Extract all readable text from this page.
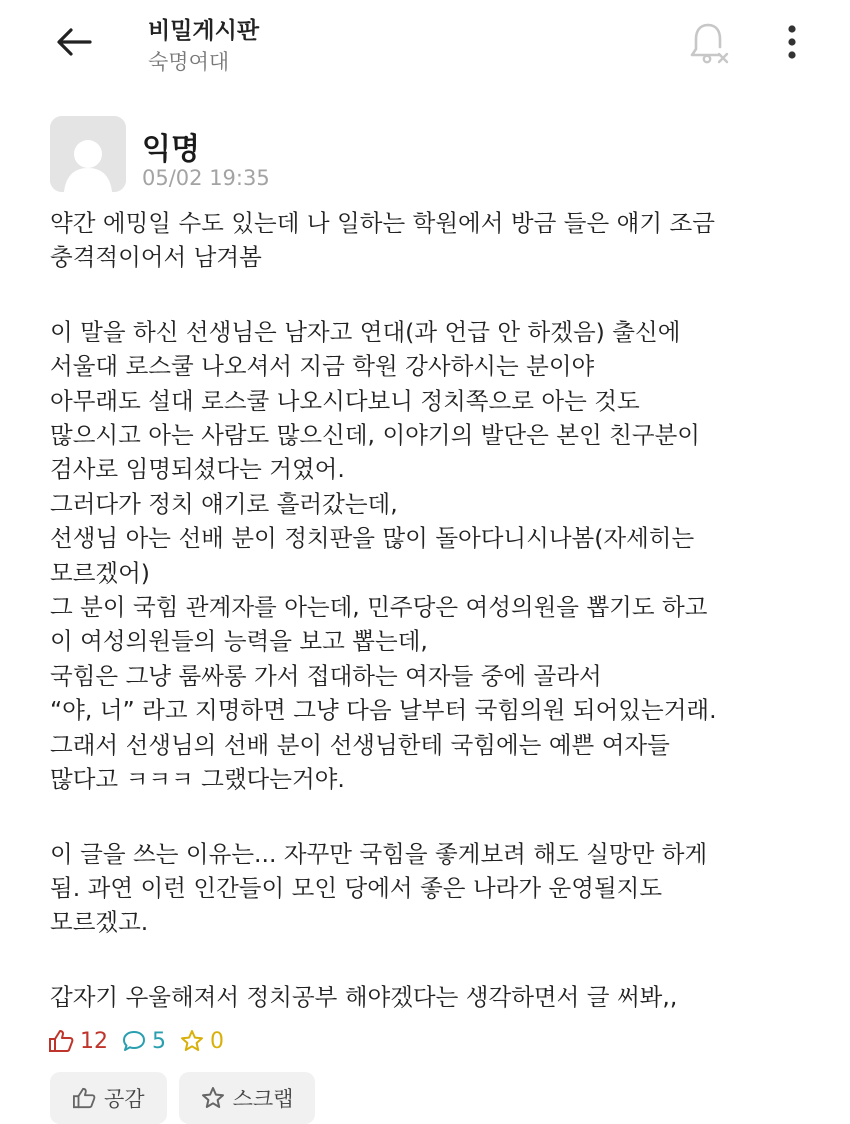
비밀게시판
숙명여대
익명
05/02 19:35
약간 에밍일 수도 있는데 나 일하는 학원에서 방금 들은 얘기 조금
충격적이어서 남겨봄
이 말을 하신 선생님은 남자고 연대(과 언급 안 하겠음) 출신에
서울대 로스쿨 나오셔서 지금 학원 강사하시는 분이야
아무래도 설대 로스쿨 나오시다보니 정치쪽으로 아는 것도
많으시고 아는 사람도 많으신데, 이야기의 발단은 본인 친구분이
검사로 임명되셨다는 거였어.
그러다가 정치 얘기로 흘러갔는데,
선생님 아는 선배 분이 정치판을 많이 돌아다니시나봄(자세히는
모르겠어)
그 분이 국힘 관계자를 아는데, 민주당은 여성의원을 뽑기도 하고
이 여성의원들의 능력을 보고 뽑는데,
국힘은 그냥 룸싸롱 가서 접대하는 여자들 중에 골라서
“야, 너” 라고 지명하면 그냥 다음 날부터 국힘의원 되어있는거래.
그래서 선생님의 선배 분이 선생님한테 국힘에는 예쁜 여자들
많다고 ㅋㅋㅋ 그랬다는거야.
이 글을 쓰는 이유는... 자꾸만 국힘을 좋게보려 해도 실망만 하게
됨. 과연 이런 인간들이 모인 당에서 좋은 나라가 운영될지도
모르겠고.
갑자기 우울해져서 정치공부 해야겠다는 생각하면서 글 써봐,,
12 5 0
공감	스크랩
